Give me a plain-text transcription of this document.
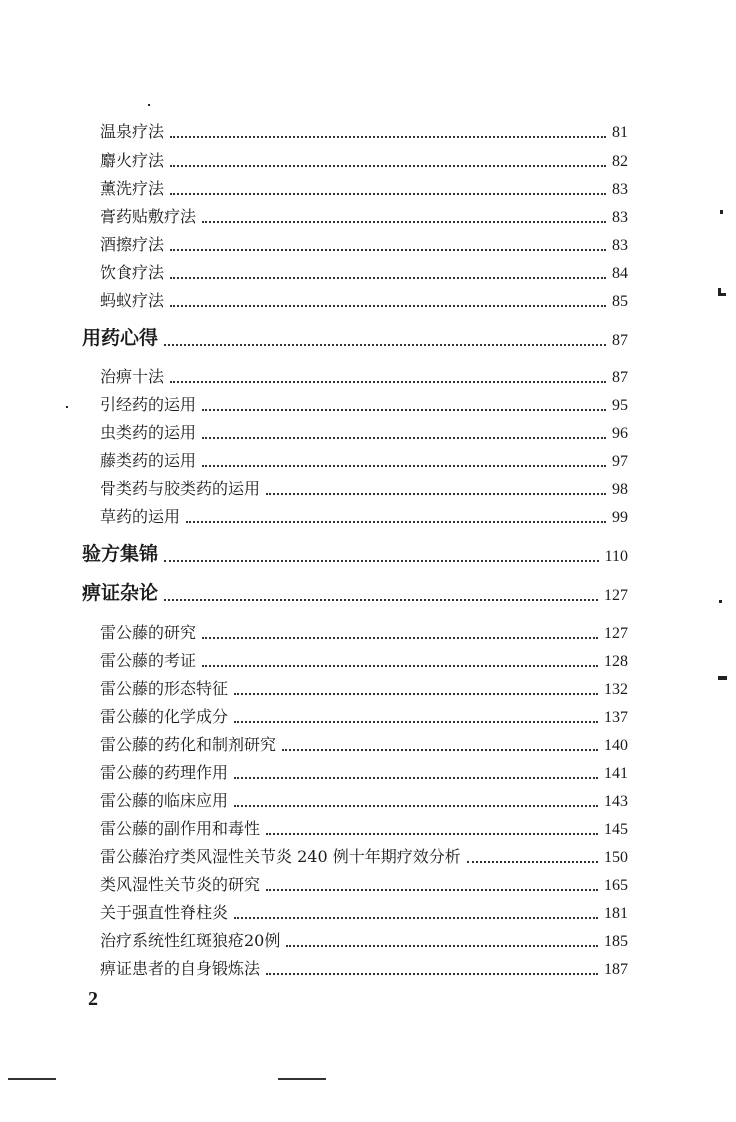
温泉疗法	81
麝火疗法	82
薰洗疗法	83
膏药贴敷疗法	83
酒擦疗法	83
饮食疗法	84
蚂蚁疗法	85
用药心得	87
治痹十法	87
引经药的运用	95
虫类药的运用	96
藤类药的运用	97
骨类药与胶类药的运用	98
草药的运用	99
验方集锦	110
痹证杂论	127
雷公藤的研究	127
雷公藤的考证	128
雷公藤的形态特征	132
雷公藤的化学成分	137
雷公藤的药化和制剂研究	140
雷公藤的药理作用	141
雷公藤的临床应用	143
雷公藤的副作用和毒性	145
雷公藤治疗类风湿性关节炎 240 例十年期疗效分析	150
类风湿性关节炎的研究	165
关于强直性脊柱炎	181
治疗系统性红斑狼疮20例	185
痹证患者的自身锻炼法	187
2
